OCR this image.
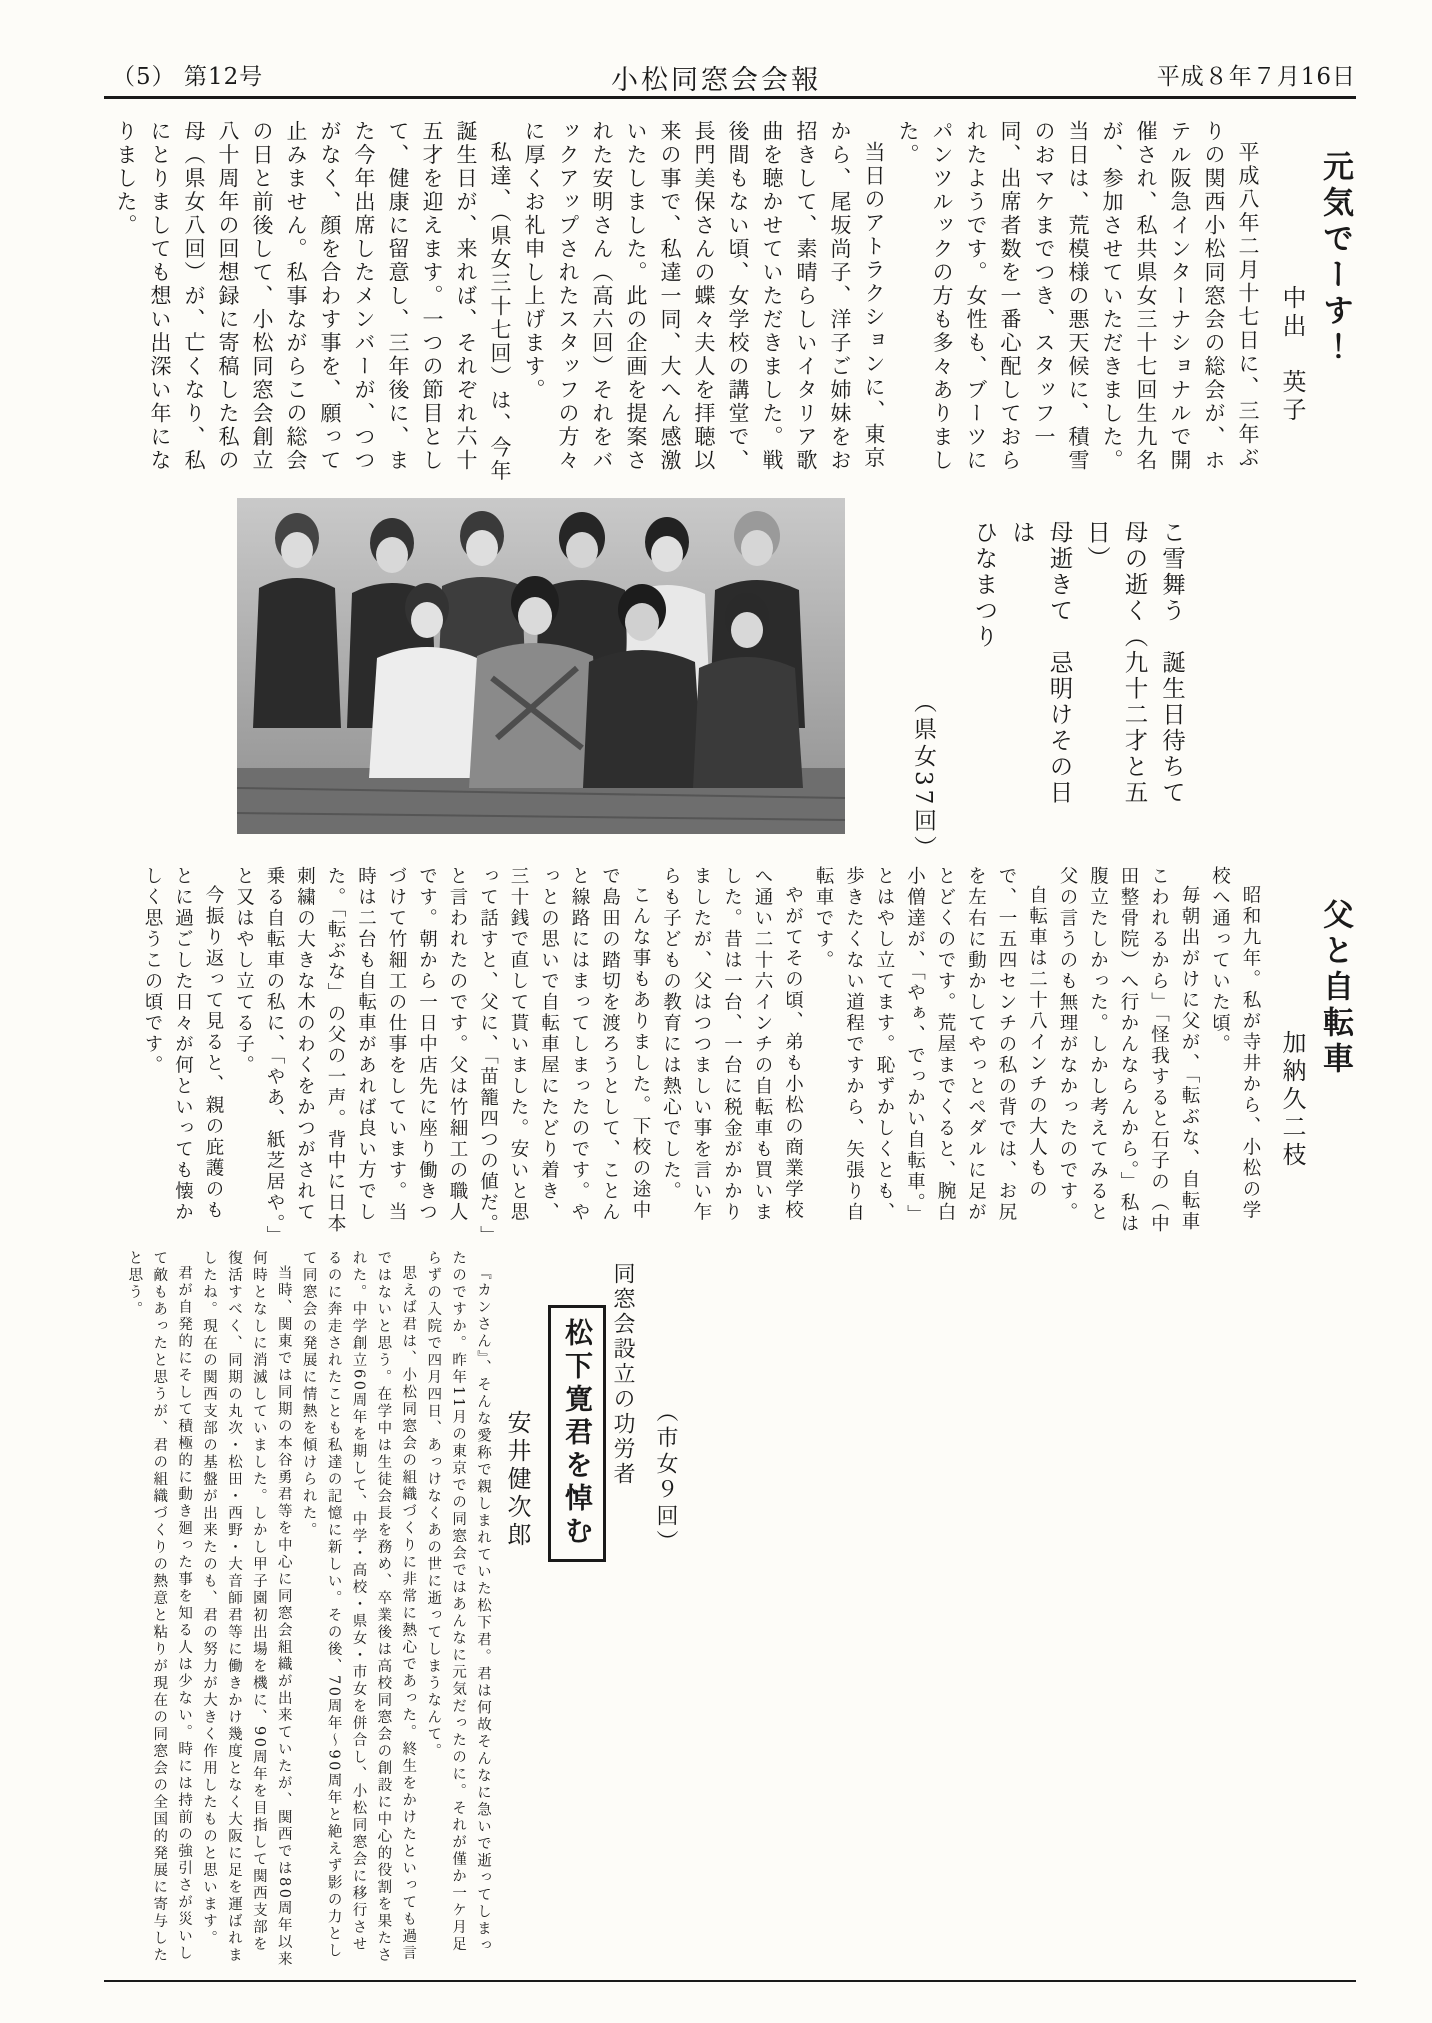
（5） 第12号	小松同窓会会報	平成８年７月16日
元気でーす！
中出　英子

平成八年二月十七日に、三年ぶりの関西小松同窓会の総会が、ホテル阪急インターナショナルで開催され、私共県女三十七回生九名が、参加させていただきました。当日は、荒模様の悪天候に、積雪のおマケまでつき、スタッフ一同、出席者数を一番心配しておられたようです。女性も、ブーツにパンツルックの方も多々ありました。

当日のアトラクションに、東京から、尾坂尚子、洋子ご姉妹をお招きして、素晴らしいイタリア歌曲を聴かせていただきました。戦後間もない頃、女学校の講堂で、長門美保さんの蝶々夫人を拝聴以来の事で、私達一同、大へん感激いたしました。此の企画を提案された安明さん（高六回）それをバックアップされたスタッフの方々に厚くお礼申し上げます。

私達、（県女三十七回）は、今年誕生日が、来れば、それぞれ六十五才を迎えます。一つの節目として、健康に留意し、三年後に、また今年出席したメンバーが、つつがなく、顔を合わす事を、願って止みません。私事ながらこの総会の日と前後して、小松同窓会創立八十周年の回想録に寄稿した私の母（県女八回）が、亡くなり、私にとりましても想い出深い年になりました。

こ雪舞う　誕生日待ちて

母の逝く（九十二才と五日）

母逝きて　忌明けその日は

ひなまつり

（県女37回）
父と自転車
加納久二枝

昭和九年。私が寺井から、小松の学校へ通っていた頃。

毎朝出がけに父が、「転ぶな、自転車こわれるから」「怪我すると石子の（中田整骨院）へ行かんならんから。」私は腹立たしかった。しかし考えてみると父の言うのも無理がなかったのです。

自転車は二十八インチの大人もので、一五四センチの私の背では、お尻を左右に動かしてやっとペダルに足がとどくのです。荒屋までくると、腕白小僧達が、「やぁ、でっかい自転車。」とはやし立てます。恥ずかしくとも、歩きたくない道程ですから、矢張り自転車です。

やがてその頃、弟も小松の商業学校へ通い二十六インチの自転車も買いました。昔は一台、一台に税金がかかりましたが、父はつつましい事を言い乍らも子どもの教育には熱心でした。

こんな事もありました。下校の途中で島田の踏切を渡ろうとして、ことんと線路にはまってしまったのです。やっとの思いで自転車屋にたどり着き、三十銭で直して貰いました。安いと思って話すと、父に、「苗籠四つの値だ。」と言われたのです。父は竹細工の職人です。朝から一日中店先に座り働きつづけて竹細工の仕事をしています。当時は二台も自転車があれば良い方でした。「転ぶな」の父の一声。背中に日本刺繍の大きな木のわくをかつがされて乗る自転車の私に、「やあ、紙芝居や。」と又はやし立てる子。

今振り返って見ると、親の庇護のもとに過ごした日々が何といっても懐かしく思うこの頃です。

（市女９回）
同窓会設立の功労者
松下寛君を悼む
安井健次郎

『カンさん』、そんな愛称で親しまれていた松下君。君は何故そんなに急いで逝ってしまったのですか。昨年11月の東京での同窓会ではあんなに元気だったのに。それが僅か一ケ月足らずの入院で四月四日、あっけなくあの世に逝ってしまうなんて。

思えば君は、小松同窓会の組織づくりに非常に熱心であった。終生をかけたといっても過言ではないと思う。在学中は生徒会長を務め、卒業後は高校同窓会の創設に中心的役割を果たされた。中学創立60周年を期して、中学・高校・県女・市女を併合し、小松同窓会に移行させるのに奔走されたことも私達の記憶に新しい。その後、70周年〜90周年と絶えず影の力として同窓会の発展に情熱を傾けられた。

当時、関東では同期の本谷勇君等を中心に同窓会組織が出来ていたが、関西では80周年以来何時となしに消滅していました。しかし甲子園初出場を機に、90周年を目指して関西支部を復活すべく、同期の丸次・松田・西野・大音師君等に働きかけ幾度となく大阪に足を運ばれましたね。現在の関西支部の基盤が出来たのも、君の努力が大きく作用したものと思います。

君が自発的にそして積極的に動き廻った事を知る人は少ない。時には持前の強引さが災いして敵もあったと思うが、君の組織づくりの熱意と粘りが現在の同窓会の全国的発展に寄与したと思う。
